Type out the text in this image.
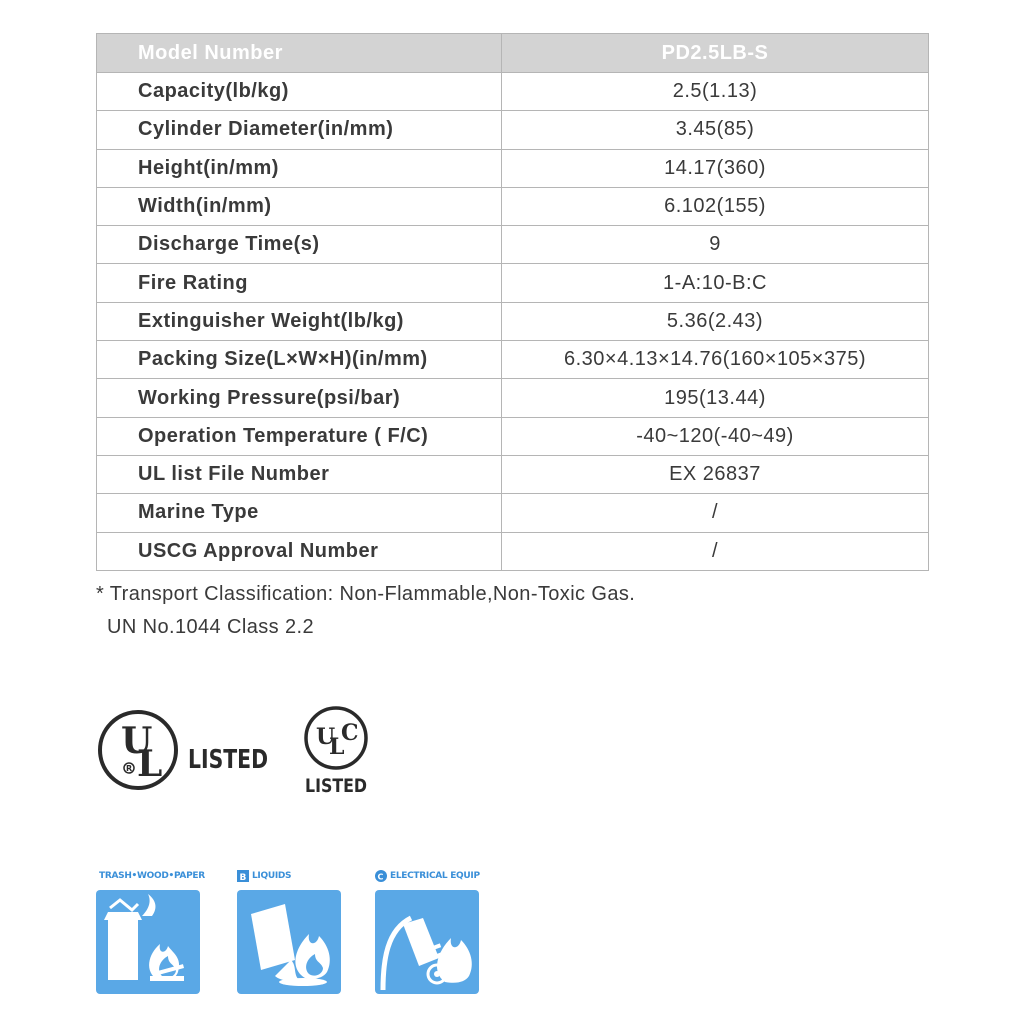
Model Number	PD2.5LB-S
Capacity(lb/kg)	2.5(1.13)
Cylinder Diameter(in/mm)	3.45(85)
Height(in/mm)	14.17(360)
Width(in/mm)	6.102(155)
Discharge Time(s)	9
Fire Rating	1-A:10-B:C
Extinguisher Weight(lb/kg)	5.36(2.43)
Packing Size(L×W×H)(in/mm)	6.30×4.13×14.76(160×105×375)
Working Pressure(psi/bar)	195(13.44)
Operation Temperature ( F/C)	-40~120(-40~49)
UL list File Number	EX 26837
Marine Type	/
USCG Approval Number	/
* Transport Classification: Non-Flammable,Non-Toxic Gas.
UN No.1044 Class 2.2
U
L
R LISTED
U
L
C
LISTED
TRASH•WOOD•PAPER	B LIQUIDS	C ELECTRICAL EQUIP
